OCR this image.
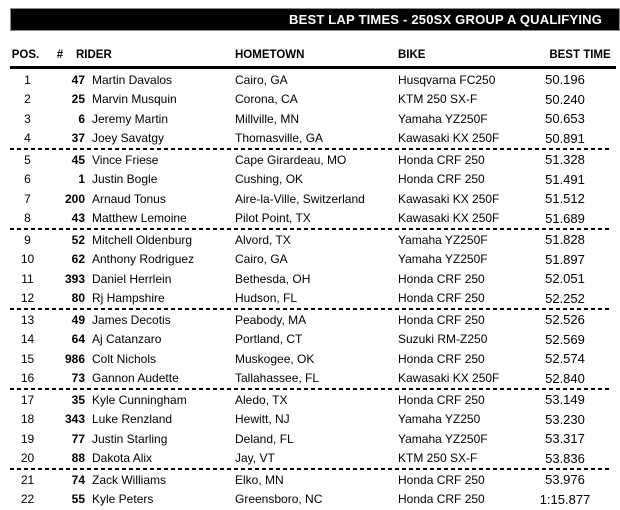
BEST LAP TIMES - 250SX GROUP A QUALIFYING
POS.	#	RIDER	HOMETOWN	BIKE	BEST TIME
1	47 Martin Davalos	Cairo, GA	Husqvarna FC250	50.196
2	25 Marvin Musquin	Corona, CA	KTM 250 SX-F	50.240
3	6 Jeremy Martin	Millville, MN	Yamaha YZ250F	50.653
4	37 Joey Savatgy	Thomasville, GA	Kawasaki KX 250F	50.891
5	45 Vince Friese	Cape Girardeau, MO	Honda CRF 250	51.328
6	1 Justin Bogle	Cushing, OK	Honda CRF 250	51.491
7	200 Arnaud Tonus	Aire-la-Ville, Switzerland	Kawasaki KX 250F	51.512
8	43 Matthew Lemoine	Pilot Point, TX	Kawasaki KX 250F	51.689
9	52 Mitchell Oldenburg	Alvord, TX	Yamaha YZ250F	51.828
10	62 Anthony Rodriguez	Cairo, GA	Yamaha YZ250F	51.897
11	393 Daniel Herrlein	Bethesda, OH	Honda CRF 250	52.051
12	80 Rj Hampshire	Hudson, FL	Honda CRF 250	52.252
13	49 James Decotis	Peabody, MA	Honda CRF 250	52.526
14	64 Aj Catanzaro	Portland, CT	Suzuki RM-Z250	52.569
15	986 Colt Nichols	Muskogee, OK	Honda CRF 250	52.574
16	73 Gannon Audette	Tallahassee, FL	Kawasaki KX 250F	52.840
17	35 Kyle Cunningham	Aledo, TX	Honda CRF 250	53.149
18	343 Luke Renzland	Hewitt, NJ	Yamaha YZ250	53.230
19	77 Justin Starling	Deland, FL	Yamaha YZ250F	53.317
20	88 Dakota Alix	Jay, VT	KTM 250 SX-F	53.836
21	74 Zack Williams	Elko, MN	Honda CRF 250	53.976
22	55 Kyle Peters	Greensboro, NC	Honda CRF 250	1:15.877
